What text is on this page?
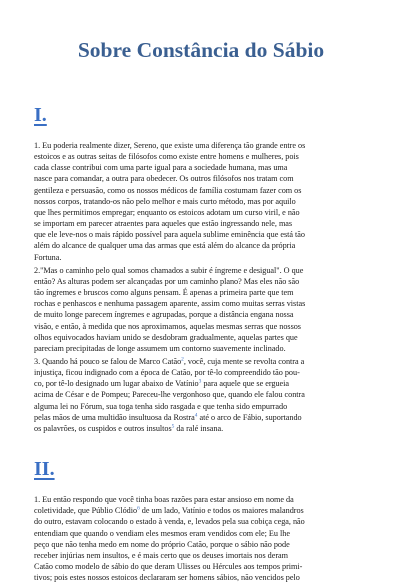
Sobre Constância do Sábio
I.

1. Eu poderia realmente dizer, Sereno, que existe uma diferença tão grande entre os
estoicos e as outras seitas de filósofos como existe entre homens e mulheres, pois
cada classe contribui com uma parte igual para a sociedade humana, mas uma
nasce para comandar, a outra para obedecer. Os outros filósofos nos tratam com
gentileza e persuasão, como os nossos médicos de família costumam fazer com os
nossos corpos, tratando-os não pelo melhor e mais curto método, mas por aquilo
que lhes permitimos empregar; enquanto os estoicos adotam um curso viril, e não
se importam em parecer atraentes para aqueles que estão ingressando nele, mas
que ele leve-nos o mais rápido possível para aquela sublime eminência que está tão
além do alcance de qualquer uma das armas que está além do alcance da própria
Fortuna.

2."Mas o caminho pelo qual somos chamados a subir é íngreme e desigual". O que
então? As alturas podem ser alcançadas por um caminho plano? Mas eles não são
tão íngremes e bruscos como alguns pensam. É apenas a primeira parte que tem
rochas e penhascos e nenhuma passagem aparente, assim como muitas serras vistas
de muito longe parecem íngremes e agrupadas, porque a distância engana nossa
visão, e então, à medida que nos aproximamos, aquelas mesmas serras que nossos
olhos equivocados haviam unido se desdobram gradualmente, aquelas partes que
pareciam precipitadas de longe assumem um contorno suavemente inclinado.

3. Quando há pouco se falou de Marco Catão$^2$, você, cuja mente se revolta contra a
injustiça, ficou indignado com a época de Catão, por tê-lo compreendido tão pou-
co, por tê-lo designado um lugar abaixo de Vatínio$^3$ para aquele que se ergueia
acima de César e de Pompeu; Pareceu-lhe vergonhoso que, quando ele falou contra
alguma lei no Fórum, sua toga tenha sido rasgada e que tenha sido empurrado
pelas mãos de uma multidão insultuosa da Rostra$^4$ até o arco de Fábio, suportando
os palavrões, os cuspidos e outros insultos$^5$ da ralé insana.

II.

1. Eu então respondo que você tinha boas razões para estar ansioso em nome da
coletividade, que Públio Clódio$^6$ de um lado, Vatínio e todos os maiores malandros
do outro, estavam colocando o estado à venda, e, levados pela sua cobiça cega, não
entendiam que quando o vendiam eles mesmos eram vendidos com ele; Eu lhe
peço que não tenha medo em nome do próprio Catão, porque o sábio não pode
receber injúrias nem insultos, e é mais certo que os deuses imortais nos deram
Catão como modelo de sábio do que deram Ulisses ou Hércules aos tempos primi-
tivos; pois estes nossos estoicos declararam ser homens sábios, não vencidos pelo
